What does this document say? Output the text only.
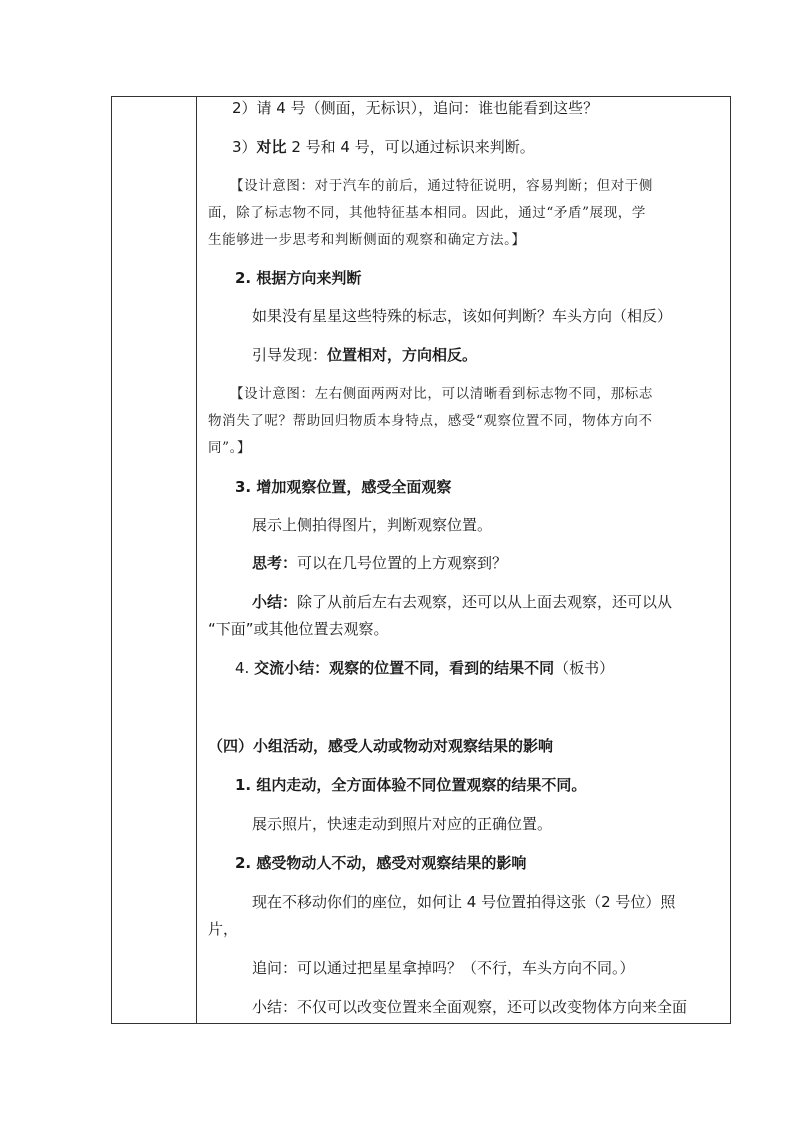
2）请 4 号（侧面，无标识），追问：谁也能看到这些？
3）对比 2 号和 4 号，可以通过标识来判断。
【设计意图：对于汽车的前后，通过特征说明，容易判断；但对于侧
面，除了标志物不同，其他特征基本相同。因此，通过“矛盾”展现，学
生能够进一步思考和判断侧面的观察和确定方法。】
2. 根据方向来判断
如果没有星星这些特殊的标志，该如何判断？车头方向（相反）
引导发现：位置相对，方向相反。
【设计意图：左右侧面两两对比，可以清晰看到标志物不同，那标志
物消失了呢？帮助回归物质本身特点，感受“观察位置不同，物体方向不
同”。】
3. 增加观察位置，感受全面观察
展示上侧拍得图片，判断观察位置。
思考：可以在几号位置的上方观察到？
小结：除了从前后左右去观察，还可以从上面去观察，还可以从
“下面”或其他位置去观察。
4. 交流小结：观察的位置不同，看到的结果不同（板书）
（四）小组活动，感受人动或物动对观察结果的影响
1. 组内走动，全方面体验不同位置观察的结果不同。
展示照片，快速走动到照片对应的正确位置。
2. 感受物动人不动，感受对观察结果的影响
现在不移动你们的座位，如何让 4 号位置拍得这张（2 号位）照
片，
追问：可以通过把星星拿掉吗？（不行，车头方向不同。）
小结：不仅可以改变位置来全面观察，还可以改变物体方向来全面
